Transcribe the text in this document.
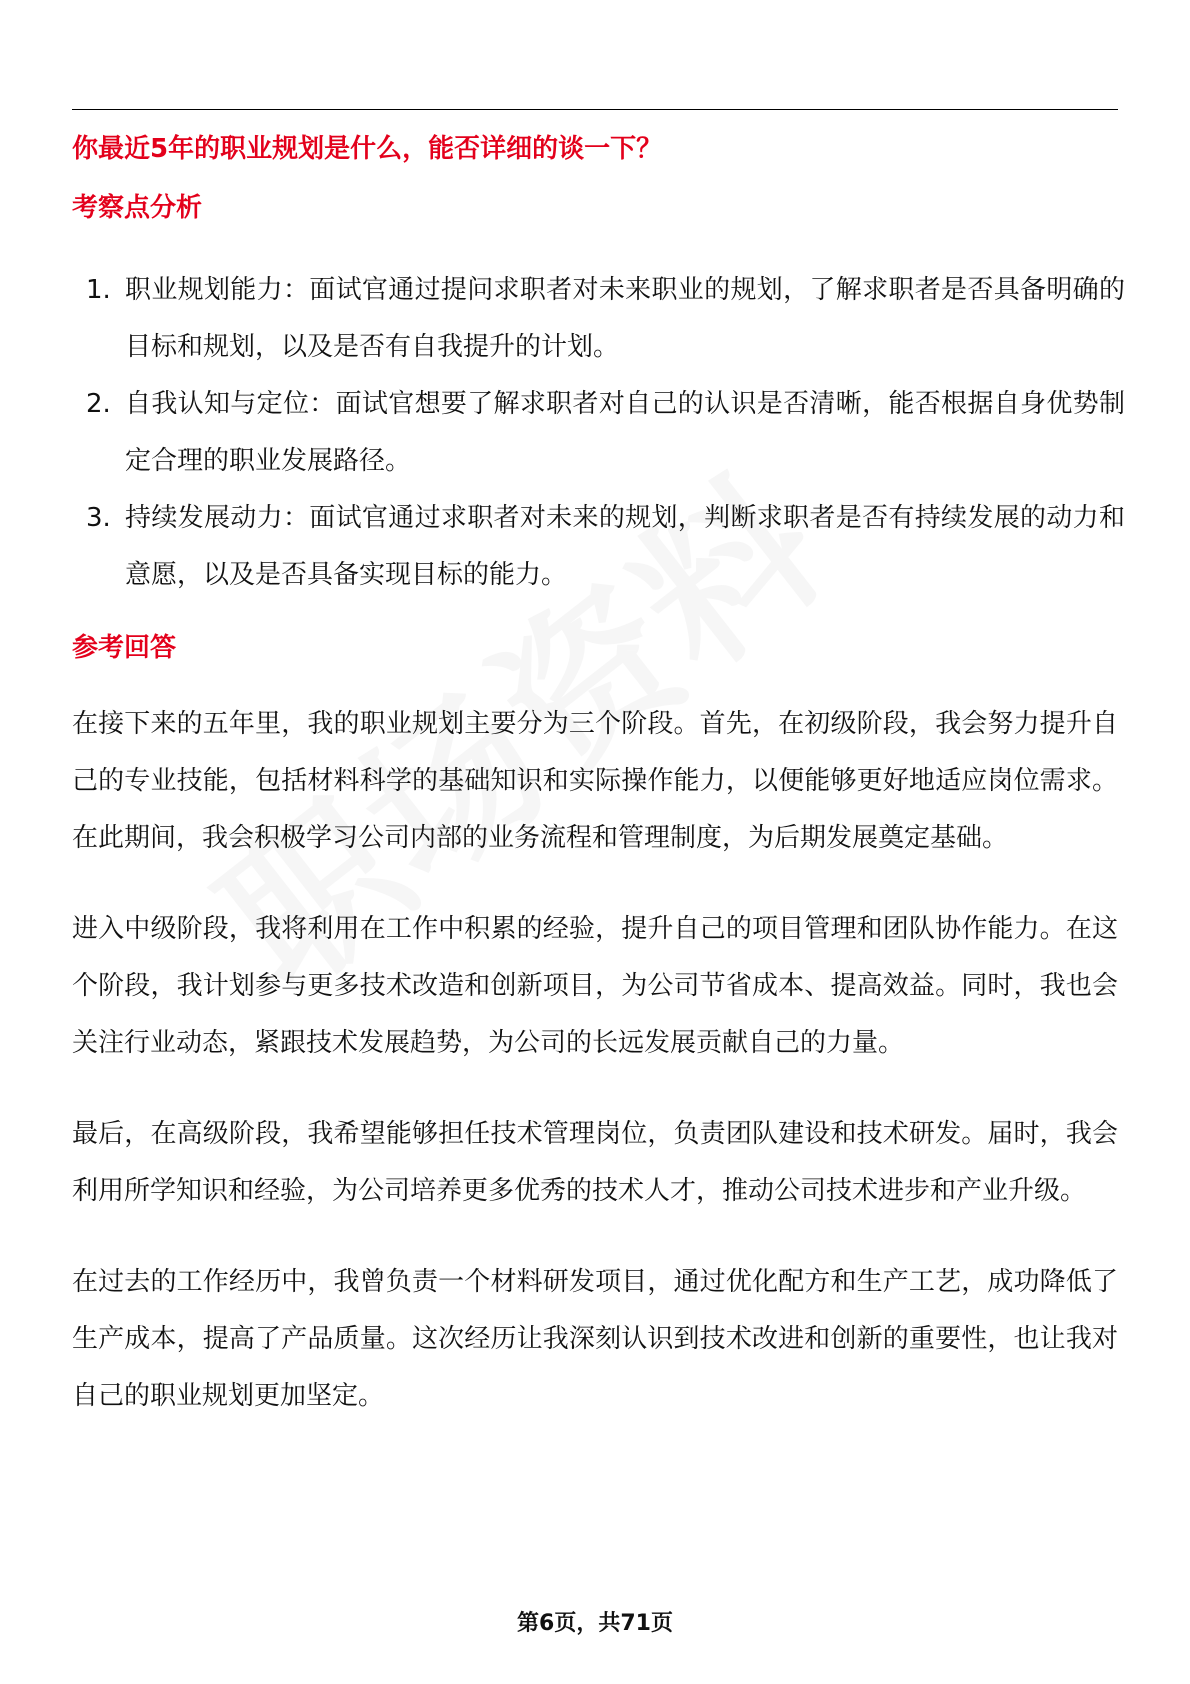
你最近5年的职业规划是什么，能否详细的谈一下？
考察点分析
1. 职业规划能力：面试官通过提问求职者对未来职业的规划，了解求职者是否具备明确的目标和规划，以及是否有自我提升的计划。
2. 自我认知与定位：面试官想要了解求职者对自己的认识是否清晰，能否根据自身优势制定合理的职业发展路径。
3. 持续发展动力：面试官通过求职者对未来的规划，判断求职者是否有持续发展的动力和意愿，以及是否具备实现目标的能力。
参考回答

在接下来的五年里，我的职业规划主要分为三个阶段。首先，在初级阶段，我会努力提升自己的专业技能，包括材料科学的基础知识和实际操作能力，以便能够更好地适应岗位需求。在此期间，我会积极学习公司内部的业务流程和管理制度，为后期发展奠定基础。

进入中级阶段，我将利用在工作中积累的经验，提升自己的项目管理和团队协作能力。在这个阶段，我计划参与更多技术改造和创新项目，为公司节省成本、提高效益。同时，我也会关注行业动态，紧跟技术发展趋势，为公司的长远发展贡献自己的力量。

最后，在高级阶段，我希望能够担任技术管理岗位，负责团队建设和技术研发。届时，我会利用所学知识和经验，为公司培养更多优秀的技术人才，推动公司技术进步和产业升级。

在过去的工作经历中，我曾负责一个材料研发项目，通过优化配方和生产工艺，成功降低了生产成本，提高了产品质量。这次经历让我深刻认识到技术改进和创新的重要性，也让我对自己的职业规划更加坚定。

第6页，共71页
